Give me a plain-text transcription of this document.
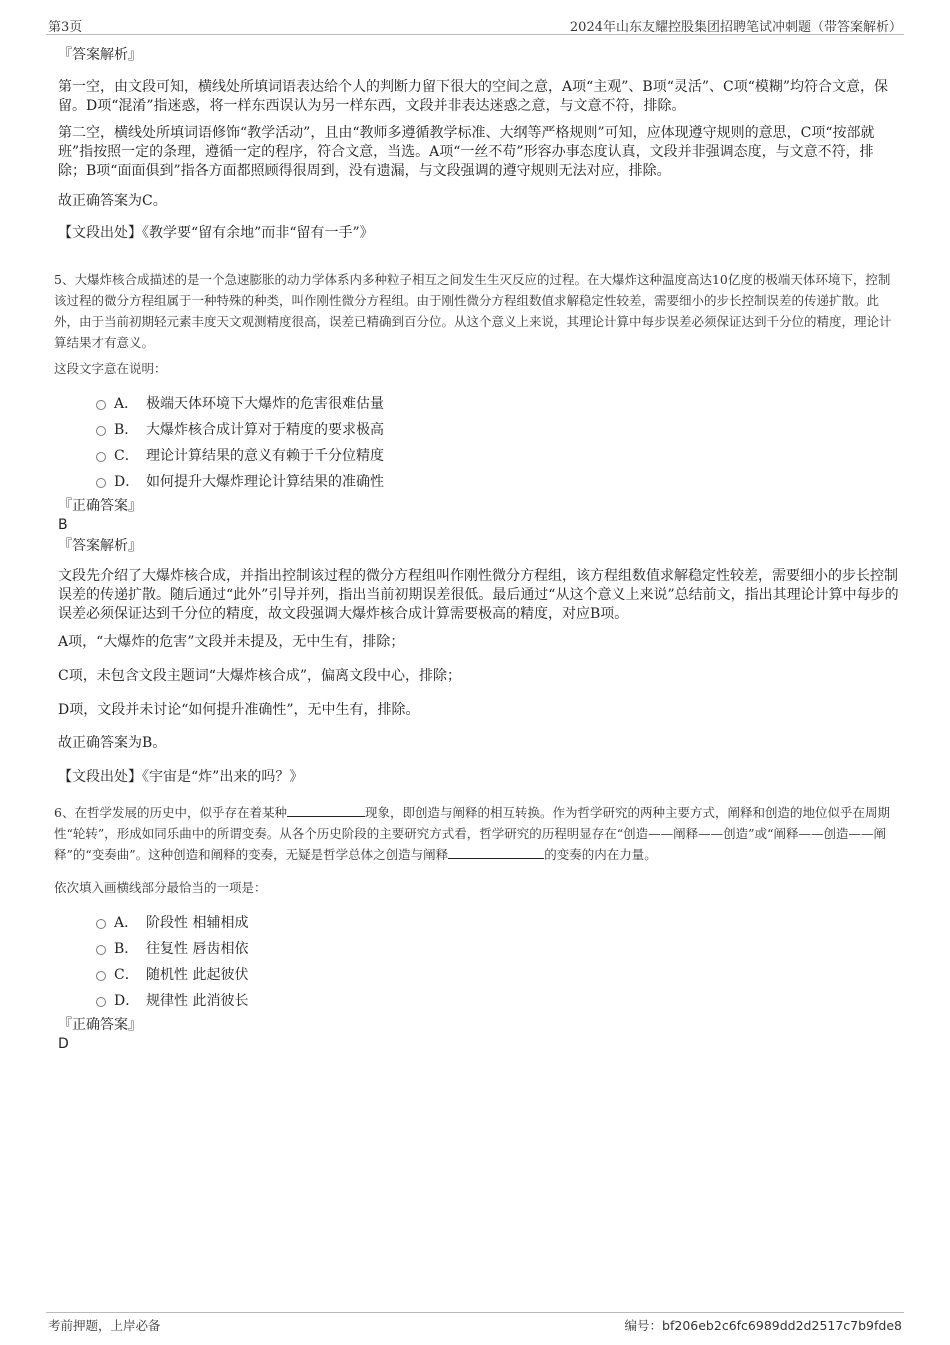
第3页	2024年山东友耀控股集团招聘笔试冲刺题（带答案解析）
『答案解析』

第一空，由文段可知，横线处所填词语表达给个人的判断力留下很大的空间之意，A项“主观”、B项“灵活”、C项“模糊”均符合文意，保留。D项“混淆”指迷惑，将一样东西误认为另一样东西，文段并非表达迷惑之意，与文意不符，排除。

第二空，横线处所填词语修饰“教学活动”，且由“教师多遵循教学标准、大纲等严格规则”可知，应体现遵守规则的意思，C项“按部就班”指按照一定的条理，遵循一定的程序，符合文意，当选。A项“一丝不苟”形容办事态度认真，文段并非强调态度，与文意不符，排除；B项“面面俱到”指各方面都照顾得很周到，没有遗漏，与文段强调的遵守规则无法对应，排除。

故正确答案为C。

【文段出处】《教学要“留有余地”而非“留有一手”》

5、大爆炸核合成描述的是一个急速膨胀的动力学体系内多种粒子相互之间发生生灭反应的过程。在大爆炸这种温度高达10亿度的极端天体环境下，控制该过程的微分方程组属于一种特殊的种类，叫作刚性微分方程组。由于刚性微分方程组数值求解稳定性较差，需要细小的步长控制误差的传递扩散。此外，由于当前初期轻元素丰度天文观测精度很高，误差已精确到百分位。从这个意义上来说，其理论计算中每步误差必须保证达到千分位的精度，理论计算结果才有意义。

这段文字意在说明：

A． 极端天体环境下大爆炸的危害很难估量
B． 大爆炸核合成计算对于精度的要求极高
C． 理论计算结果的意义有赖于千分位精度
D． 如何提升大爆炸理论计算结果的准确性
『正确答案』
B
『答案解析』

文段先介绍了大爆炸核合成，并指出控制该过程的微分方程组叫作刚性微分方程组，该方程组数值求解稳定性较差，需要细小的步长控制误差的传递扩散。随后通过“此外”引导并列，指出当前初期误差很低。最后通过“从这个意义上来说”总结前文，指出其理论计算中每步的误差必须保证达到千分位的精度，故文段强调大爆炸核合成计算需要极高的精度，对应B项。

A项，“大爆炸的危害”文段并未提及，无中生有，排除；

C项，未包含文段主题词“大爆炸核合成”，偏离文段中心，排除；

D项，文段并未讨论“如何提升准确性”，无中生有，排除。

故正确答案为B。

【文段出处】《宇宙是“炸”出来的吗？》

6、在哲学发展的历史中，似乎存在着某种	现象，即创造与阐释的相互转换。作为哲学研究的两种主要方式，阐释和创造的地位似乎在周期性“轮转”，形成如同乐曲中的所谓变奏。从各个历史阶段的主要研究方式看，哲学研究的历程明显存在“创造——阐释——创造”或“阐释——创造——阐释”的“变奏曲”。这种创造和阐释的变奏，无疑是哲学总体之创造与阐释	的变奏的内在力量。

依次填入画横线部分最恰当的一项是：

A． 阶段性 相辅相成
B． 往复性 唇齿相依
C． 随机性 此起彼伏
D． 规律性 此消彼长
『正确答案』
D
考前押题，上岸必备	编号：bf206eb2c6fc6989dd2d2517c7b9fde8
